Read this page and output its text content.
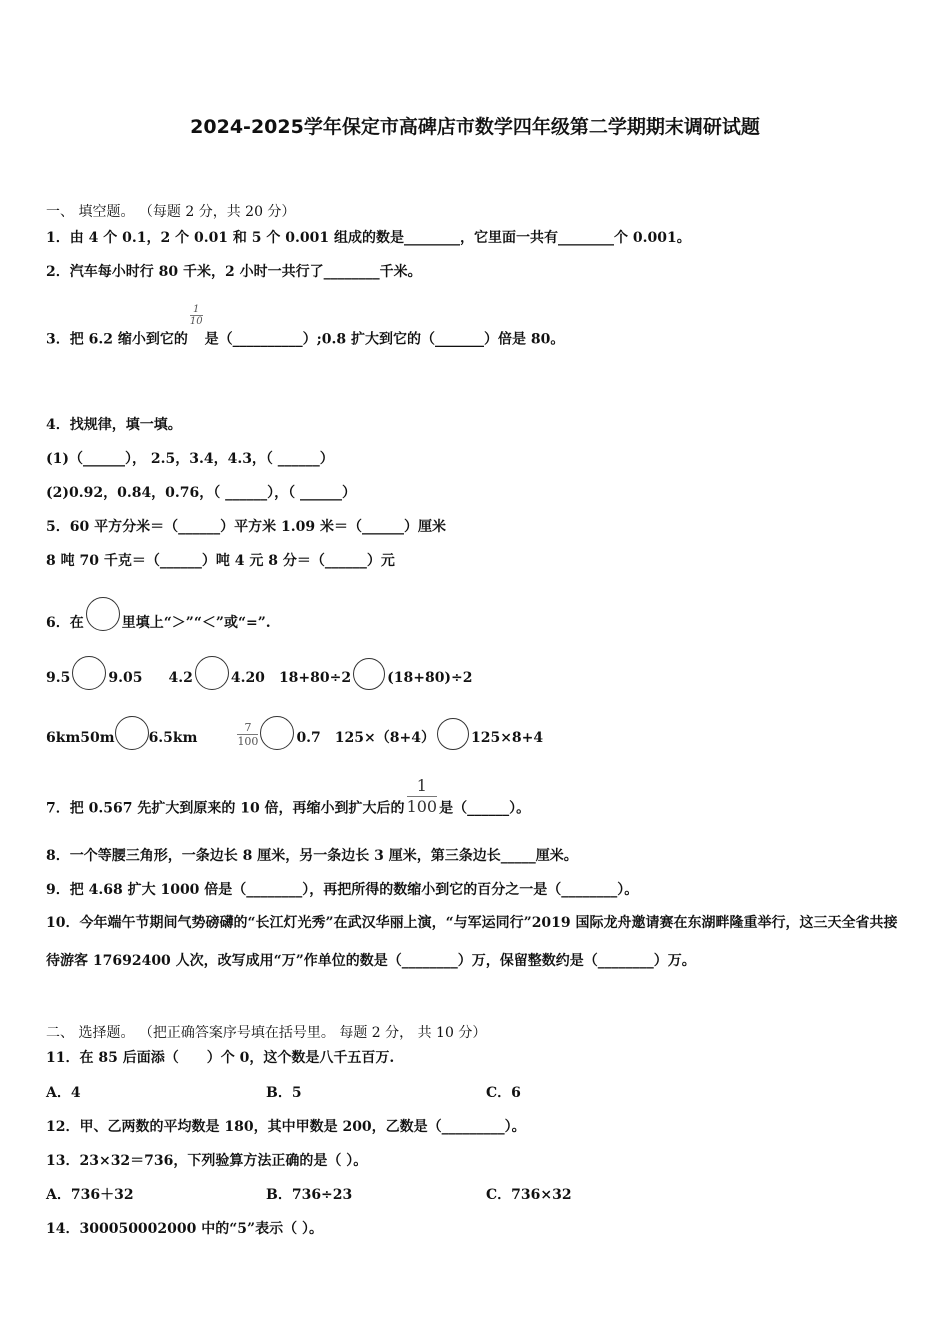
2024-2025学年保定市高碑店市数学四年级第二学期期末调研试题
一、 填空题。 （每题 2 分，共 20 分）
1．由 4 个 0.1，2 个 0.01 和 5 个 0.001 组成的数是________，它里面一共有________个 0.001。
2．汽车每小时行 80 千米，2 小时一共行了________千米。
3．把 6.2 缩小到它的
$\frac{1}{10}$
是（__________）;0.8 扩大到它的（_______）倍是 80。
4．找规律，填一填。
(1)（______）， 2.5，3.4，4.3，（ ______）
(2)0.92，0.84，0.76，（ ______），（ ______）
5．60 平方分米＝（______）平方米 1.09 米＝（______）厘米
8 吨 70 千克＝（______）吨 4 元 8 分＝（______）元
6．在	里填上“＞”“＜”或“=”.
9.5	9.05 4.2	4.20 18+80÷2	(18+80)÷2
6km50m 6.5km	$\frac{7}{100}$	0.7 125×（8+4）	125×8+4
7．把 0.567 先扩大到原来的 10 倍，再缩小到扩大后的 $\frac{1}{100}$ 是（______）。
8．一个等腰三角形，一条边长 8 厘米，另一条边长 3 厘米，第三条边长_____厘米。
9．把 4.68 扩大 1000 倍是（________），再把所得的数缩小到它的百分之一是（________）。
10．今年端午节期间气势磅礴的“长江灯光秀”在武汉华丽上演，“与军运同行”2019 国际龙舟邀请赛在东湖畔隆重举行，这三天全省共接待游客 17692400 人次，改写成用“万”作单位的数是（________）万，保留整数约是（________）万。
二、 选择题。 （把正确答案序号填在括号里。 每题 2 分， 共 10 分）
11．在 85 后面添（　　）个 0，这个数是八千五百万.
A．4	B．5	C．6
12．甲、乙两数的平均数是 180，其中甲数是 200，乙数是（_________）。
13．23×32＝736，下列验算方法正确的是（ ）。
A．736＋32	B．736÷23	C．736×32
14．300050002000 中的“5”表示（ ）。
